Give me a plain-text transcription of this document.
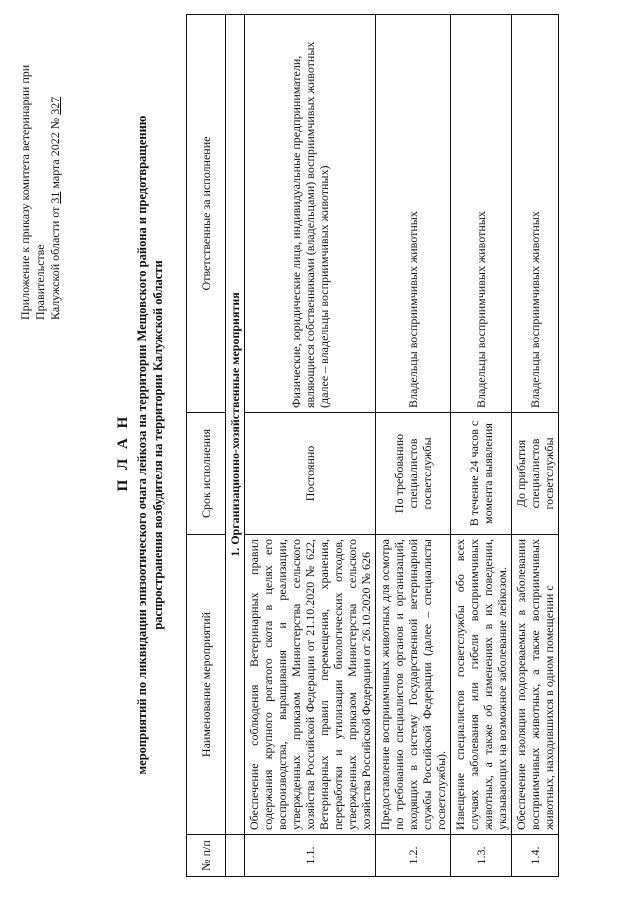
Приложение к приказу комитета ветеринарии при Правительстве Калужской области от 31 марта 2022 № 327
П Л А Н мероприятий по ликвидации эпизоотического очага лейкоза на территории Мещовского района и предотвращению распространения возбудителя на территории Калужской области
№ п/п	Наименование мероприятий	Срок исполнения	Ответственные за исполнение
	1. Организационно-хозяйственные мероприятия		
1.1.	Обеспечение соблюдения Ветеринарных правил содержания крупного рогатого скота в целях его воспроизводства, выращивания и реализации, утвержденных приказом Министерства сельского хозяйства Российской Федерации от 21.10.2020 № 622, Ветеринарных правил перемещения, хранения, переработки и утилизации биологических отходов, утвержденных приказом Министерства сельского хозяйства Российской Федерации от 26.10.2020 № 626	Постоянно	Физические, юридические лица, индивидуальные предприниматели, являющиеся собственниками (владельцами) восприимчивых животных (далее – владельцы восприимчивых животных)
1.2.	Предоставление восприимчивых животных для осмотра по требованию специалистов органов и организаций, входящих в систему Государственной ветеринарной службы Российской Федерации (далее – специалисты госветслужбы).	По требованию специалистов госветслужбы	Владельцы восприимчивых животных
1.3.	Извещение специалистов госветслужбы обо всех случаях заболевания или гибели восприимчивых животных, а также об изменениях в их поведении, указывающих на возможное заболевание лейкозом.	В течение 24 часов с момента выявления	Владельцы восприимчивых животных
1.4.	Обеспечение изоляции подозреваемых в заболевании восприимчивых животных, а также восприимчивых животных, находившихся в одном помещении с	До прибытия специалистов госветслужбы	Владельцы восприимчивых животных
